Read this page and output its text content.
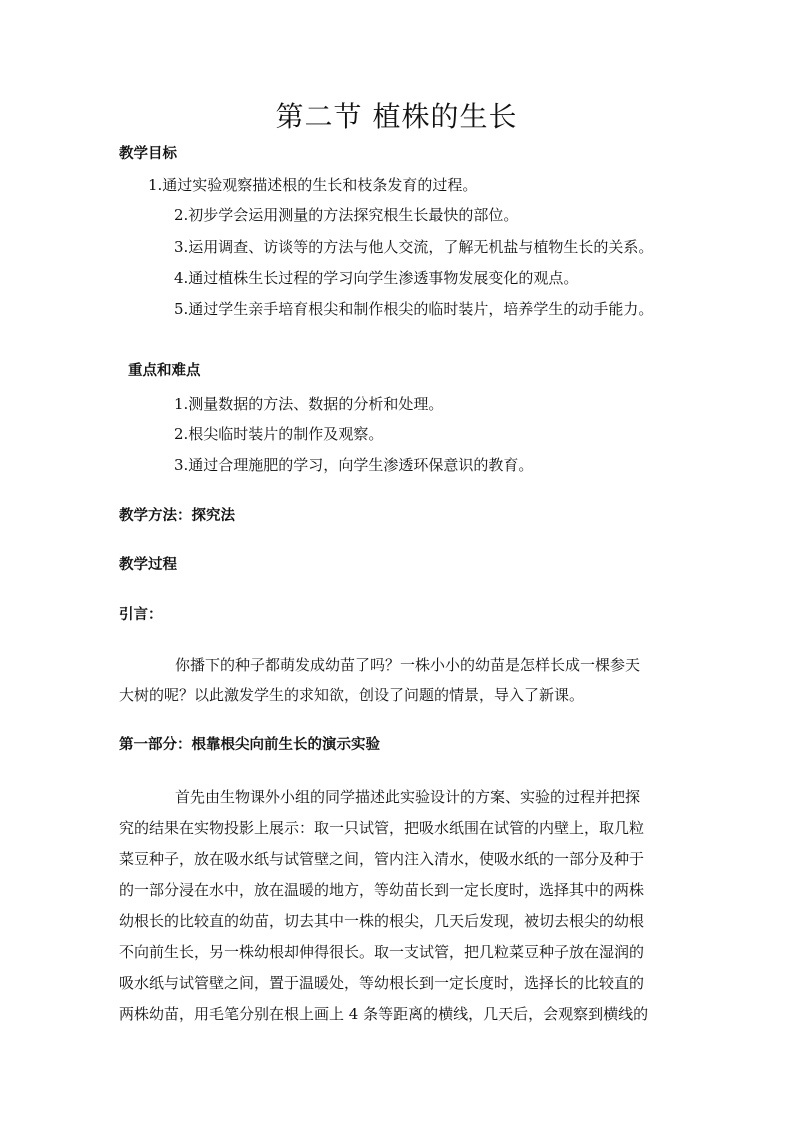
第二节 植株的生长
教学目标
1.通过实验观察描述根的生长和枝条发育的过程。
2.初步学会运用测量的方法探究根生长最快的部位。
3.运用调查、访谈等的方法与他人交流，了解无机盐与植物生长的关系。
4.通过植株生长过程的学习向学生渗透事物发展变化的观点。
5.通过学生亲手培育根尖和制作根尖的临时装片，培养学生的动手能力。
重点和难点
1.测量数据的方法、数据的分析和处理。
2.根尖临时装片的制作及观察。
3.通过合理施肥的学习，向学生渗透环保意识的教育。
教学方法：探究法
教学过程
引言：
你播下的种子都萌发成幼苗了吗？一株小小的幼苗是怎样长成一棵参天
大树的呢？以此激发学生的求知欲，创设了问题的情景，导入了新课。
第一部分：根靠根尖向前生长的演示实验
首先由生物课外小组的同学描述此实验设计的方案、实验的过程并把探
究的结果在实物投影上展示：取一只试管，把吸水纸围在试管的内壁上，取几粒
菜豆种子，放在吸水纸与试管壁之间，管内注入清水，使吸水纸的一部分及种于
的一部分浸在水中，放在温暖的地方，等幼苗长到一定长度时，选择其中的两株
幼根长的比较直的幼苗，切去其中一株的根尖，几天后发现，被切去根尖的幼根
不向前生长，另一株幼根却伸得很长。取一支试管，把几粒菜豆种子放在湿润的
吸水纸与试管壁之间，置于温暖处，等幼根长到一定长度时，选择长的比较直的
两株幼苗，用毛笔分别在根上画上 4 条等距离的横线，几天后，会观察到横线的
